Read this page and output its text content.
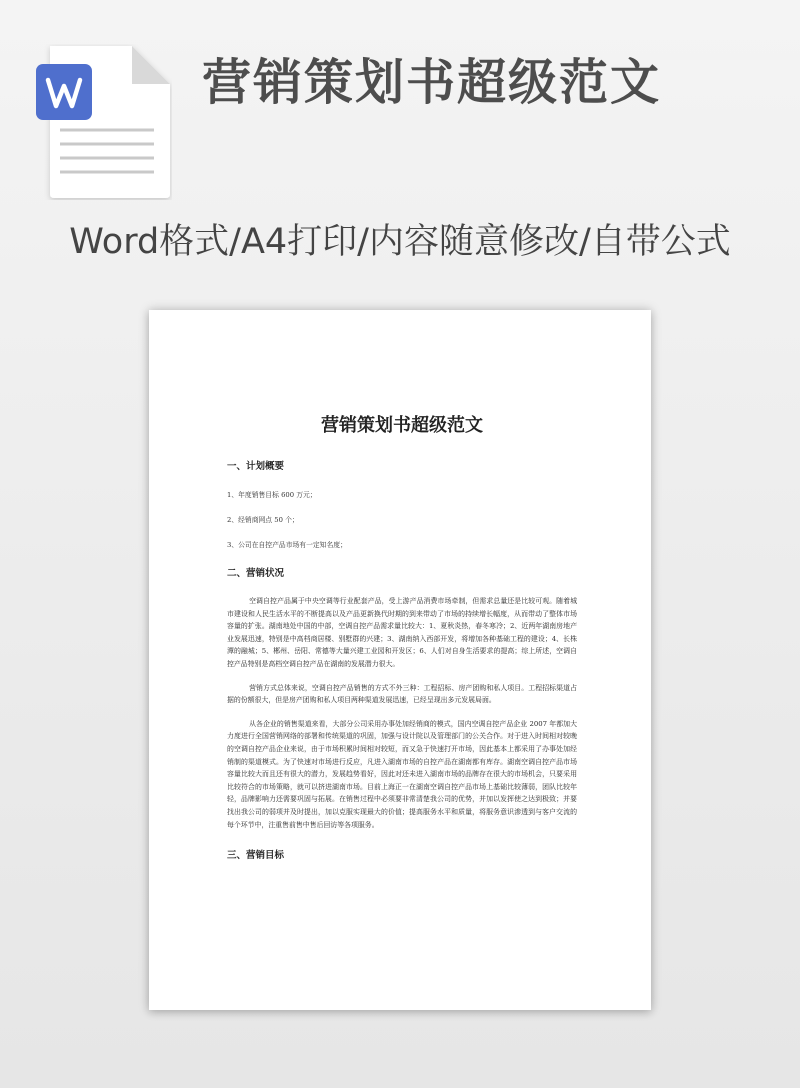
营销策划书超级范文
Word格式/A4打印/内容随意修改/自带公式
营销策划书超级范文
一、计划概要
1、年度销售目标 600 万元；
2、经销商网点 50 个；
3、公司在自控产品市场有一定知名度；
二、营销状况

空调自控产品属于中央空调等行业配套产品，受上游产品消费市场牵制，但需求总量还是比较可观。随着城市建设和人民生活水平的不断提高以及产品更新换代时期的到来带动了市场的持续增长幅度，从而带动了整体市场容量的扩张。湖南地处中国的中部，空调自控产品需求量比较大：1、夏秋炎热，春冬寒冷；2、近两年湖南房地产业发展迅速，特别是中高档商居楼、别墅群的兴建；3、湖南纳入西部开发，将增加各种基础工程的建设；4、长株潭的融城；5、郴州、岳阳、常德等大量兴建工业园和开发区；6、人们对自身生活要求的提高；综上所述，空调自控产品特别是高档空调自控产品在湖南的发展潜力很大。

营销方式总体来说，空调自控产品销售的方式不外三种：工程招标、房产团购和私人项目。工程招标渠道占据的份额很大，但是房产团购和私人项目两种渠道发展迅速，已经呈现出多元发展局面。

从各企业的销售渠道来看，大部分公司采用办事处加经销商的模式，国内空调自控产品企业 2007 年都加大力度进行全国营销网络的部署和传统渠道的巩固，加强与设计院以及管理部门的公关合作。对于进入时间相对较晚的空调自控产品企业来说，由于市场积累时间相对较短，而又急于快速打开市场，因此基本上都采用了办事处加经销制的渠道模式。为了快速对市场进行反应，凡进入湖南市场的自控产品在湖南都有库存。湖南空调自控产品市场容量比较大而且还有很大的潜力，发展趋势看好，因此对还未进入湖南市场的品牌存在很大的市场机会，只要采用比较符合的市场策略，就可以挤进湖南市场。目前上海正一在湖南空调自控产品市场上基础比较薄弱，团队比较年轻，品牌影响力还需要巩固与拓展。在销售过程中必须要非常清楚我公司的优势，并加以发挥使之达到极致；并要找出我公司的弱项并及时提出，加以克服实现最大的价值；提高服务水平和质量，将服务意识渗透到与客户交流的每个环节中，注重售前售中售后回访等各项服务。

三、营销目标
